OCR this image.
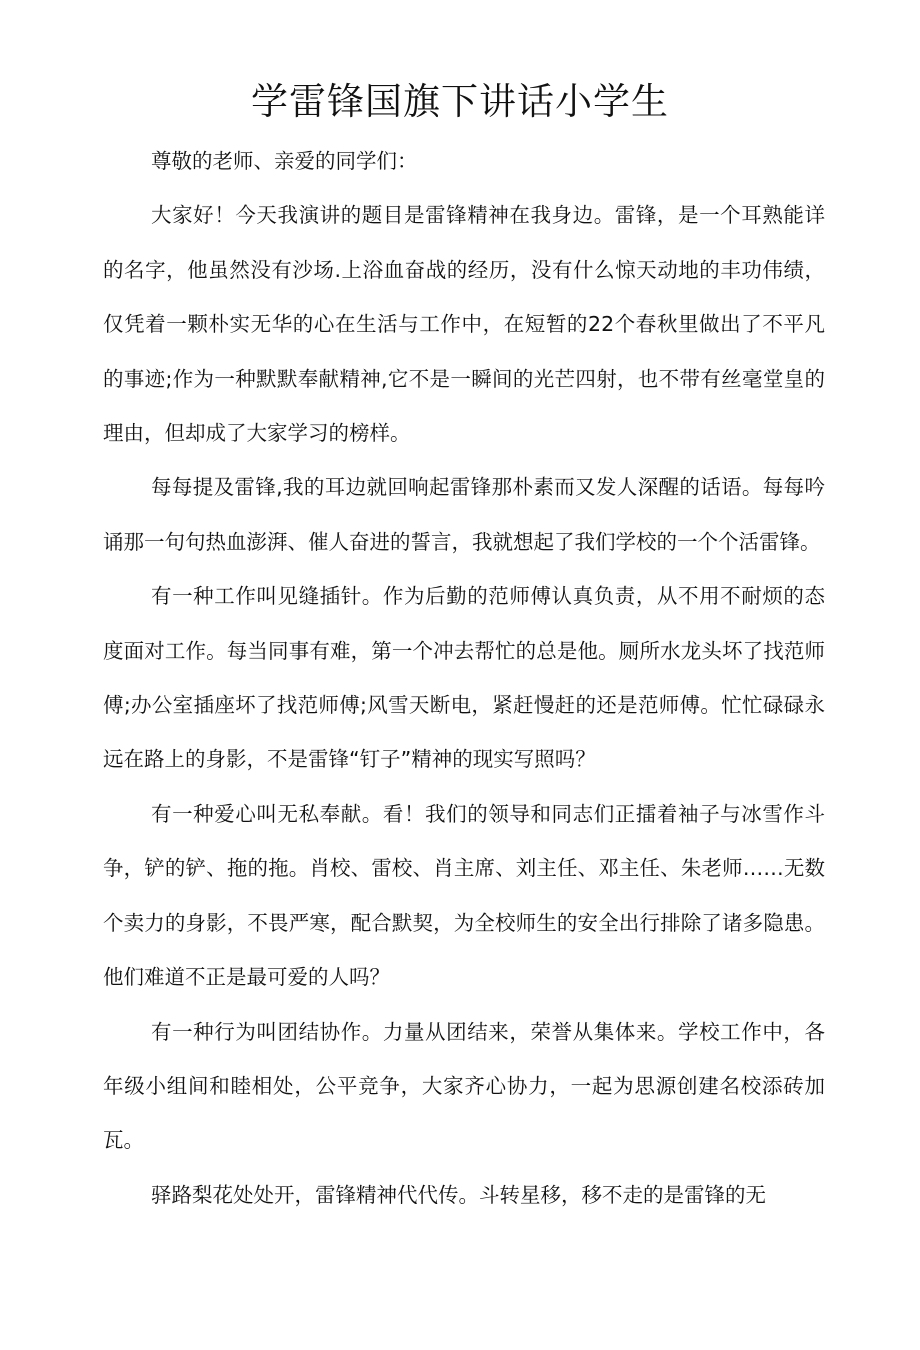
学雷锋国旗下讲话小学生

尊敬的老师、亲爱的同学们：

大家好！今天我演讲的题目是雷锋精神在我身边。雷锋，是一个耳熟能详的名字，他虽然没有沙场.上浴血奋战的经历，没有什么惊天动地的丰功伟绩，仅凭着一颗朴实无华的心在生活与工作中，在短暂的22个春秋里做出了不平凡的事迹;作为一种默默奉献精神,它不是一瞬间的光芒四射，也不带有丝毫堂皇的理由，但却成了大家学习的榜样。

每每提及雷锋,我的耳边就回响起雷锋那朴素而又发人深醒的话语。每每吟诵那一句句热血澎湃、催人奋进的誓言，我就想起了我们学校的一个个活雷锋。

有一种工作叫见缝插针。作为后勤的范师傅认真负责，从不用不耐烦的态度面对工作。每当同事有难，第一个冲去帮忙的总是他。厕所水龙头坏了找范师傅;办公室插座坏了找范师傅;风雪天断电，紧赶慢赶的还是范师傅。忙忙碌碌永远在路上的身影，不是雷锋“钉子”精神的现实写照吗？

有一种爱心叫无私奉献。看！我们的领导和同志们正擂着袖子与冰雪作斗争，铲的铲、拖的拖。肖校、雷校、肖主席、刘主任、邓主任、朱老师……无数个卖力的身影，不畏严寒，配合默契，为全校师生的安全出行排除了诸多隐患。他们难道不正是最可爱的人吗？

有一种行为叫团结协作。力量从团结来，荣誉从集体来。学校工作中，各年级小组间和睦相处，公平竞争，大家齐心协力，一起为思源创建名校添砖加瓦。

驿路梨花处处开，雷锋精神代代传。斗转星移，移不走的是雷锋的无
